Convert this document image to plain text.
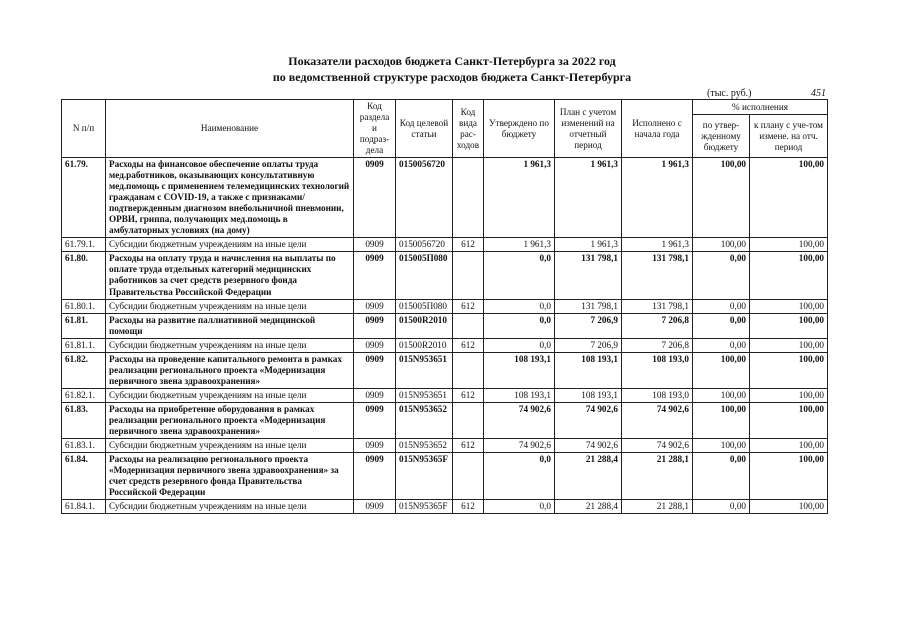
Показатели расходов бюджета Санкт-Петербурга за 2022 год
по ведомственной структуре расходов бюджета Санкт-Петербурга
(тыс. руб.)	451
N п/п	Наименование	Код раздела и подраз-дела	Код целевой статьи	Код вида рас-ходов	Утверждено по бюджету	План с учетом изменений на отчетный период	Исполнено с начала года	% исполнения	
								по утвер-жденному бюджету	к плану с уче-том измене. на отч. период
61.79.	Расходы на финансовое обеспечение оплаты труда мед.работников, оказывающих консультативную мед.помощь с применением телемедицинских технологий гражданам с COVID-19, а также с признаками/подтвержденным диагнозом внебольничной пневмонии, ОРВИ, гриппа, получающих мед.помощь в амбулаторных условиях (на дому)	0909	0150056720		1 961,3	1 961,3	1 961,3	100,00	100,00
61.79.1.	Субсидии бюджетным учреждениям на иные цели	0909	0150056720	612	1 961,3	1 961,3	1 961,3	100,00	100,00
61.80.	Расходы на оплату труда и начисления на выплаты по оплате труда отдельных категорий медицинских работников за счет средств резервного фонда Правительства Российской Федерации	0909	015005П080		0,0	131 798,1	131 798,1	0,00	100,00
61.80.1.	Субсидии бюджетным учреждениям на иные цели	0909	015005П080	612	0,0	131 798,1	131 798,1	0,00	100,00
61.81.	Расходы на развитие паллиативной медицинской помощи	0909	01500R2010		0,0	7 206,9	7 206,8	0,00	100,00
61.81.1.	Субсидии бюджетным учреждениям на иные цели	0909	01500R2010	612	0,0	7 206,9	7 206,8	0,00	100,00
61.82.	Расходы на проведение капитального ремонта в рамках реализации регионального проекта «Модернизация первичного звена здравоохранения»	0909	015N953651		108 193,1	108 193,1	108 193,0	100,00	100,00
61.82.1.	Субсидии бюджетным учреждениям на иные цели	0909	015N953651	612	108 193,1	108 193,1	108 193,0	100,00	100,00
61.83.	Расходы на приобретение оборудования в рамках реализации регионального проекта «Модернизация первичного звена здравоохранения»	0909	015N953652		74 902,6	74 902,6	74 902,6	100,00	100,00
61.83.1.	Субсидии бюджетным учреждениям на иные цели	0909	015N953652	612	74 902,6	74 902,6	74 902,6	100,00	100,00
61.84.	Расходы на реализацию регионального проекта «Модернизация первичного звена здравоохранения» за счет средств резервного фонда Правительства Российской Федерации	0909	015N95365F		0,0	21 288,4	21 288,1	0,00	100,00
61.84.1.	Субсидии бюджетным учреждениям на иные цели	0909	015N95365F	612	0,0	21 288,4	21 288,1	0,00	100,00
